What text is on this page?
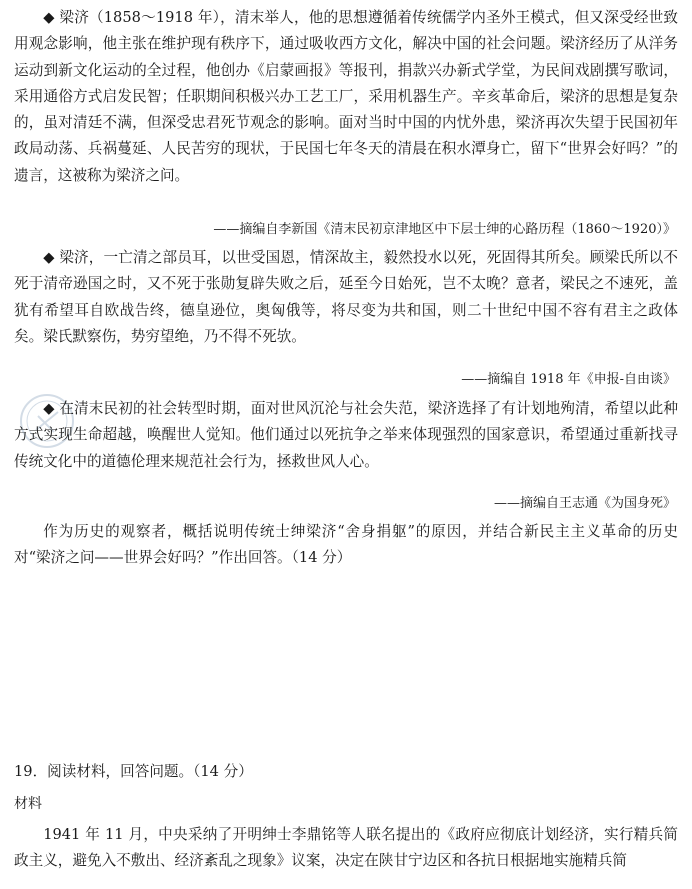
◆ 梁济（1858～1918 年），清末举人，他的思想遵循着传统儒学内圣外王模式，但又深受经世致用观念影响，他主张在维护现有秩序下，通过吸收西方文化，解决中国的社会问题。梁济经历了从洋务运动到新文化运动的全过程，他创办《启蒙画报》等报刊，捐款兴办新式学堂，为民间戏剧撰写歌词，采用通俗方式启发民智；任职期间积极兴办工艺工厂，采用机器生产。辛亥革命后，梁济的思想是复杂的，虽对清廷不满，但深受忠君死节观念的影响。面对当时中国的内忧外患，梁济再次失望于民国初年政局动荡、兵祸蔓延、人民苦穷的现状，于民国七年冬天的清晨在积水潭身亡，留下“世界会好吗？”的遗言，这被称为梁济之问。

——摘编自李新国《清末民初京津地区中下层士绅的心路历程（1860～1920）》

◆ 梁济，一亡清之部员耳，以世受国恩，情深故主，毅然投水以死，死固得其所矣。顾梁氏所以不死于清帝逊国之时，又不死于张勋复辟失败之后，延至今日始死，岂不太晚？意者，梁民之不速死，盖犹有希望耳自欧战告终，德皇逊位，奥匈俄等，将尽变为共和国，则二十世纪中国不容有君主之政体矣。梁氏默察伤，势穷望绝，乃不得不死欤。

——摘编自 1918 年《申报-自由谈》

◆ 在清末民初的社会转型时期，面对世风沉沦与社会失范，梁济选择了有计划地殉清，希望以此种方式实现生命超越，唤醒世人觉知。他们通过以死抗争之举来体现强烈的国家意识，希望通过重新找寻传统文化中的道德伦理来规范社会行为，拯救世风人心。

——摘编自王志通《为国身死》

作为历史的观察者，概括说明传统士绅梁济“舍身捐躯”的原因，并结合新民主主义革命的历史对“梁济之问——世界会好吗？”作出回答。（14 分）

19．阅读材料，回答问题。（14 分）

材料

1941 年 11 月，中央采纳了开明绅士李鼎铭等人联名提出的《政府应彻底计划经济，实行精兵简政主义，避免入不敷出、经济紊乱之现象》议案，决定在陕甘宁边区和各抗日根据地实施精兵简
